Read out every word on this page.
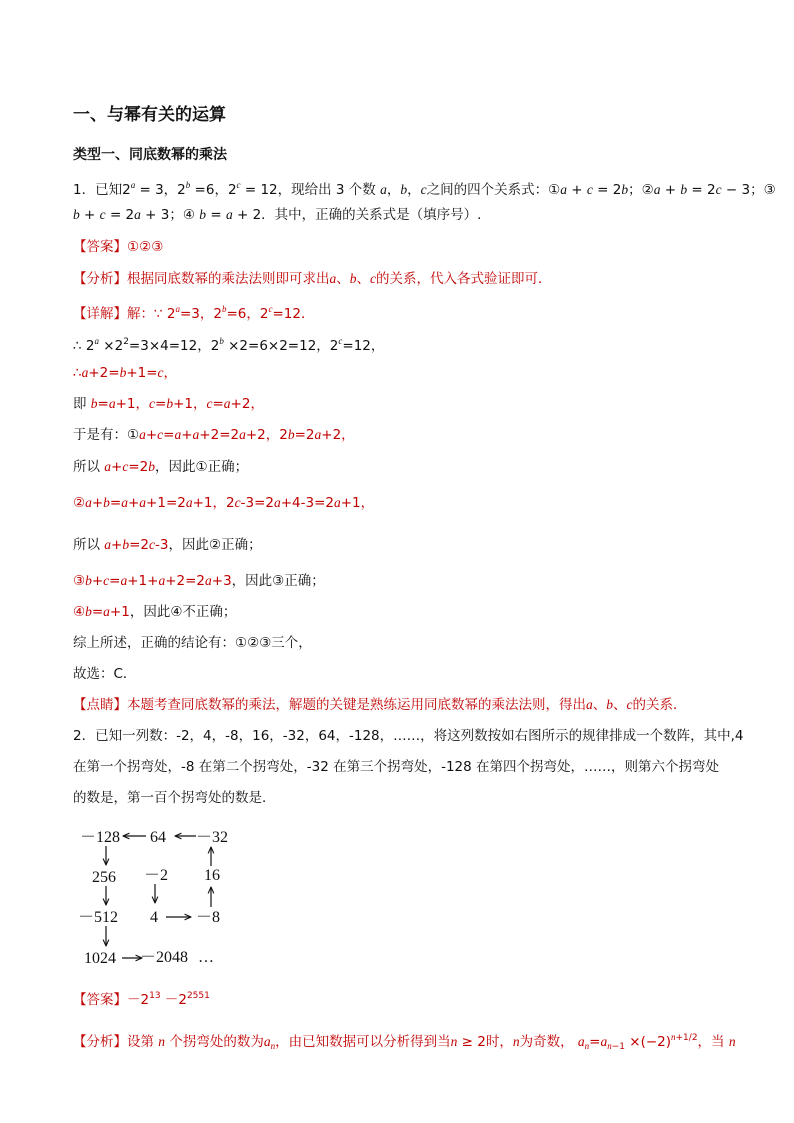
一、与幂有关的运算
类型一、同底数幂的乘法
1．已知$2^a = 3$，$2^b =6$，$2^c = 12$，现给出 3 个数 a，b，c之间的四个关系式：①a + c = 2b；②a + b = 2c − 3；③
b + c = 2a + 3；④ b = a + 2．其中，正确的关系式是（填序号）.
【答案】①②③
【分析】根据同底数幂的乘法法则即可求出a、b、c的关系，代入各式验证即可．
【详解】解：∵ $2^a=3$，$2^b=6$，$2^c=12$．
∴ $2^a \times 2^2=3\times 4=12$，$2^b \times 2=6\times 2=12$，$2^c=12$，
∴a+2=b+1=c，
即 b=a+1，c=b+1，c=a+2，
于是有：①a+c=a+a+2=2a+2，2b=2a+2，
所以 a+c=2b，因此①正确；
②a+b=a+a+1=2a+1，2c-3=2a+4-3=2a+1，
所以 a+b=2c-3，因此②正确；
③b+c=a+1+a+2=2a+3，因此③正确；
④b=a+1，因此④不正确；
综上所述，正确的结论有：①②③三个，
故选：C．
【点睛】本题考查同底数幂的乘法，解题的关键是熟练运用同底数幂的乘法法则，得出a、b、c的关系．
2．已知一列数：-2，4，-8，16，-32，64，-128，……，将这列数按如右图所示的规律排成一个数阵，其中,4
在第一个拐弯处，-8 在第二个拐弯处，-32 在第三个拐弯处，-128 在第四个拐弯处，……，则第六个拐弯处
的数是，第一百个拐弯处的数是．
－128 64 －32
256 －2 16
－512 4 －8
1024 －2048 …
【答案】$-2^{13} -2^{2551}$
【分析】设第 n 个拐弯处的数为$a_n$，由已知数据可以分析得到当n ≥ 2时，n为奇数， $a_n=a_{n-1} \times(-2)^{n+1/2}$，当 n
